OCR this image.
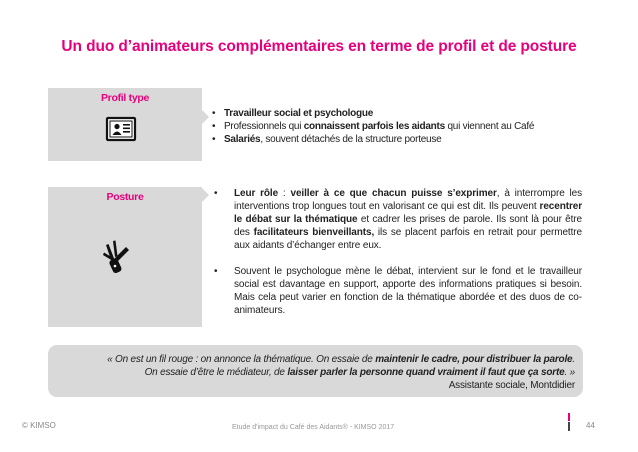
Un duo d’animateurs complémentaires en terme de profil et de posture
Profil type
• Travailleur social et psychologue
• Professionnels qui connaissent parfois les aidants qui viennent au Café
• Salariés, souvent détachés de la structure porteuse
Posture
•	Leur rôle : veiller à ce que chacun puisse s’exprimer, à interrompre les interventions trop longues tout en valorisant ce qui est dit. Ils peuvent recentrer le débat sur la thématique et cadrer les prises de parole. Ils sont là pour être des facilitateurs bienveillants, ils se placent parfois en retrait pour permettre aux aidants d’échanger entre eux.
• Souvent le psychologue mène le débat, intervient sur le fond et le travailleur social est davantage en support, apporte des informations pratiques si besoin. Mais cela peut varier en fonction de la thématique abordée et des duos de co-animateurs.
« On est un fil rouge : on annonce la thématique. On essaie de maintenir le cadre, pour distribuer la parole.
On essaie d’être le médiateur, de laisser parler la personne quand vraiment il faut que ça sorte. »
Assistante sociale, Montdidier
© KIMSO	Etude d'impact du Café des Aidants® - KIMSO 2017	44
